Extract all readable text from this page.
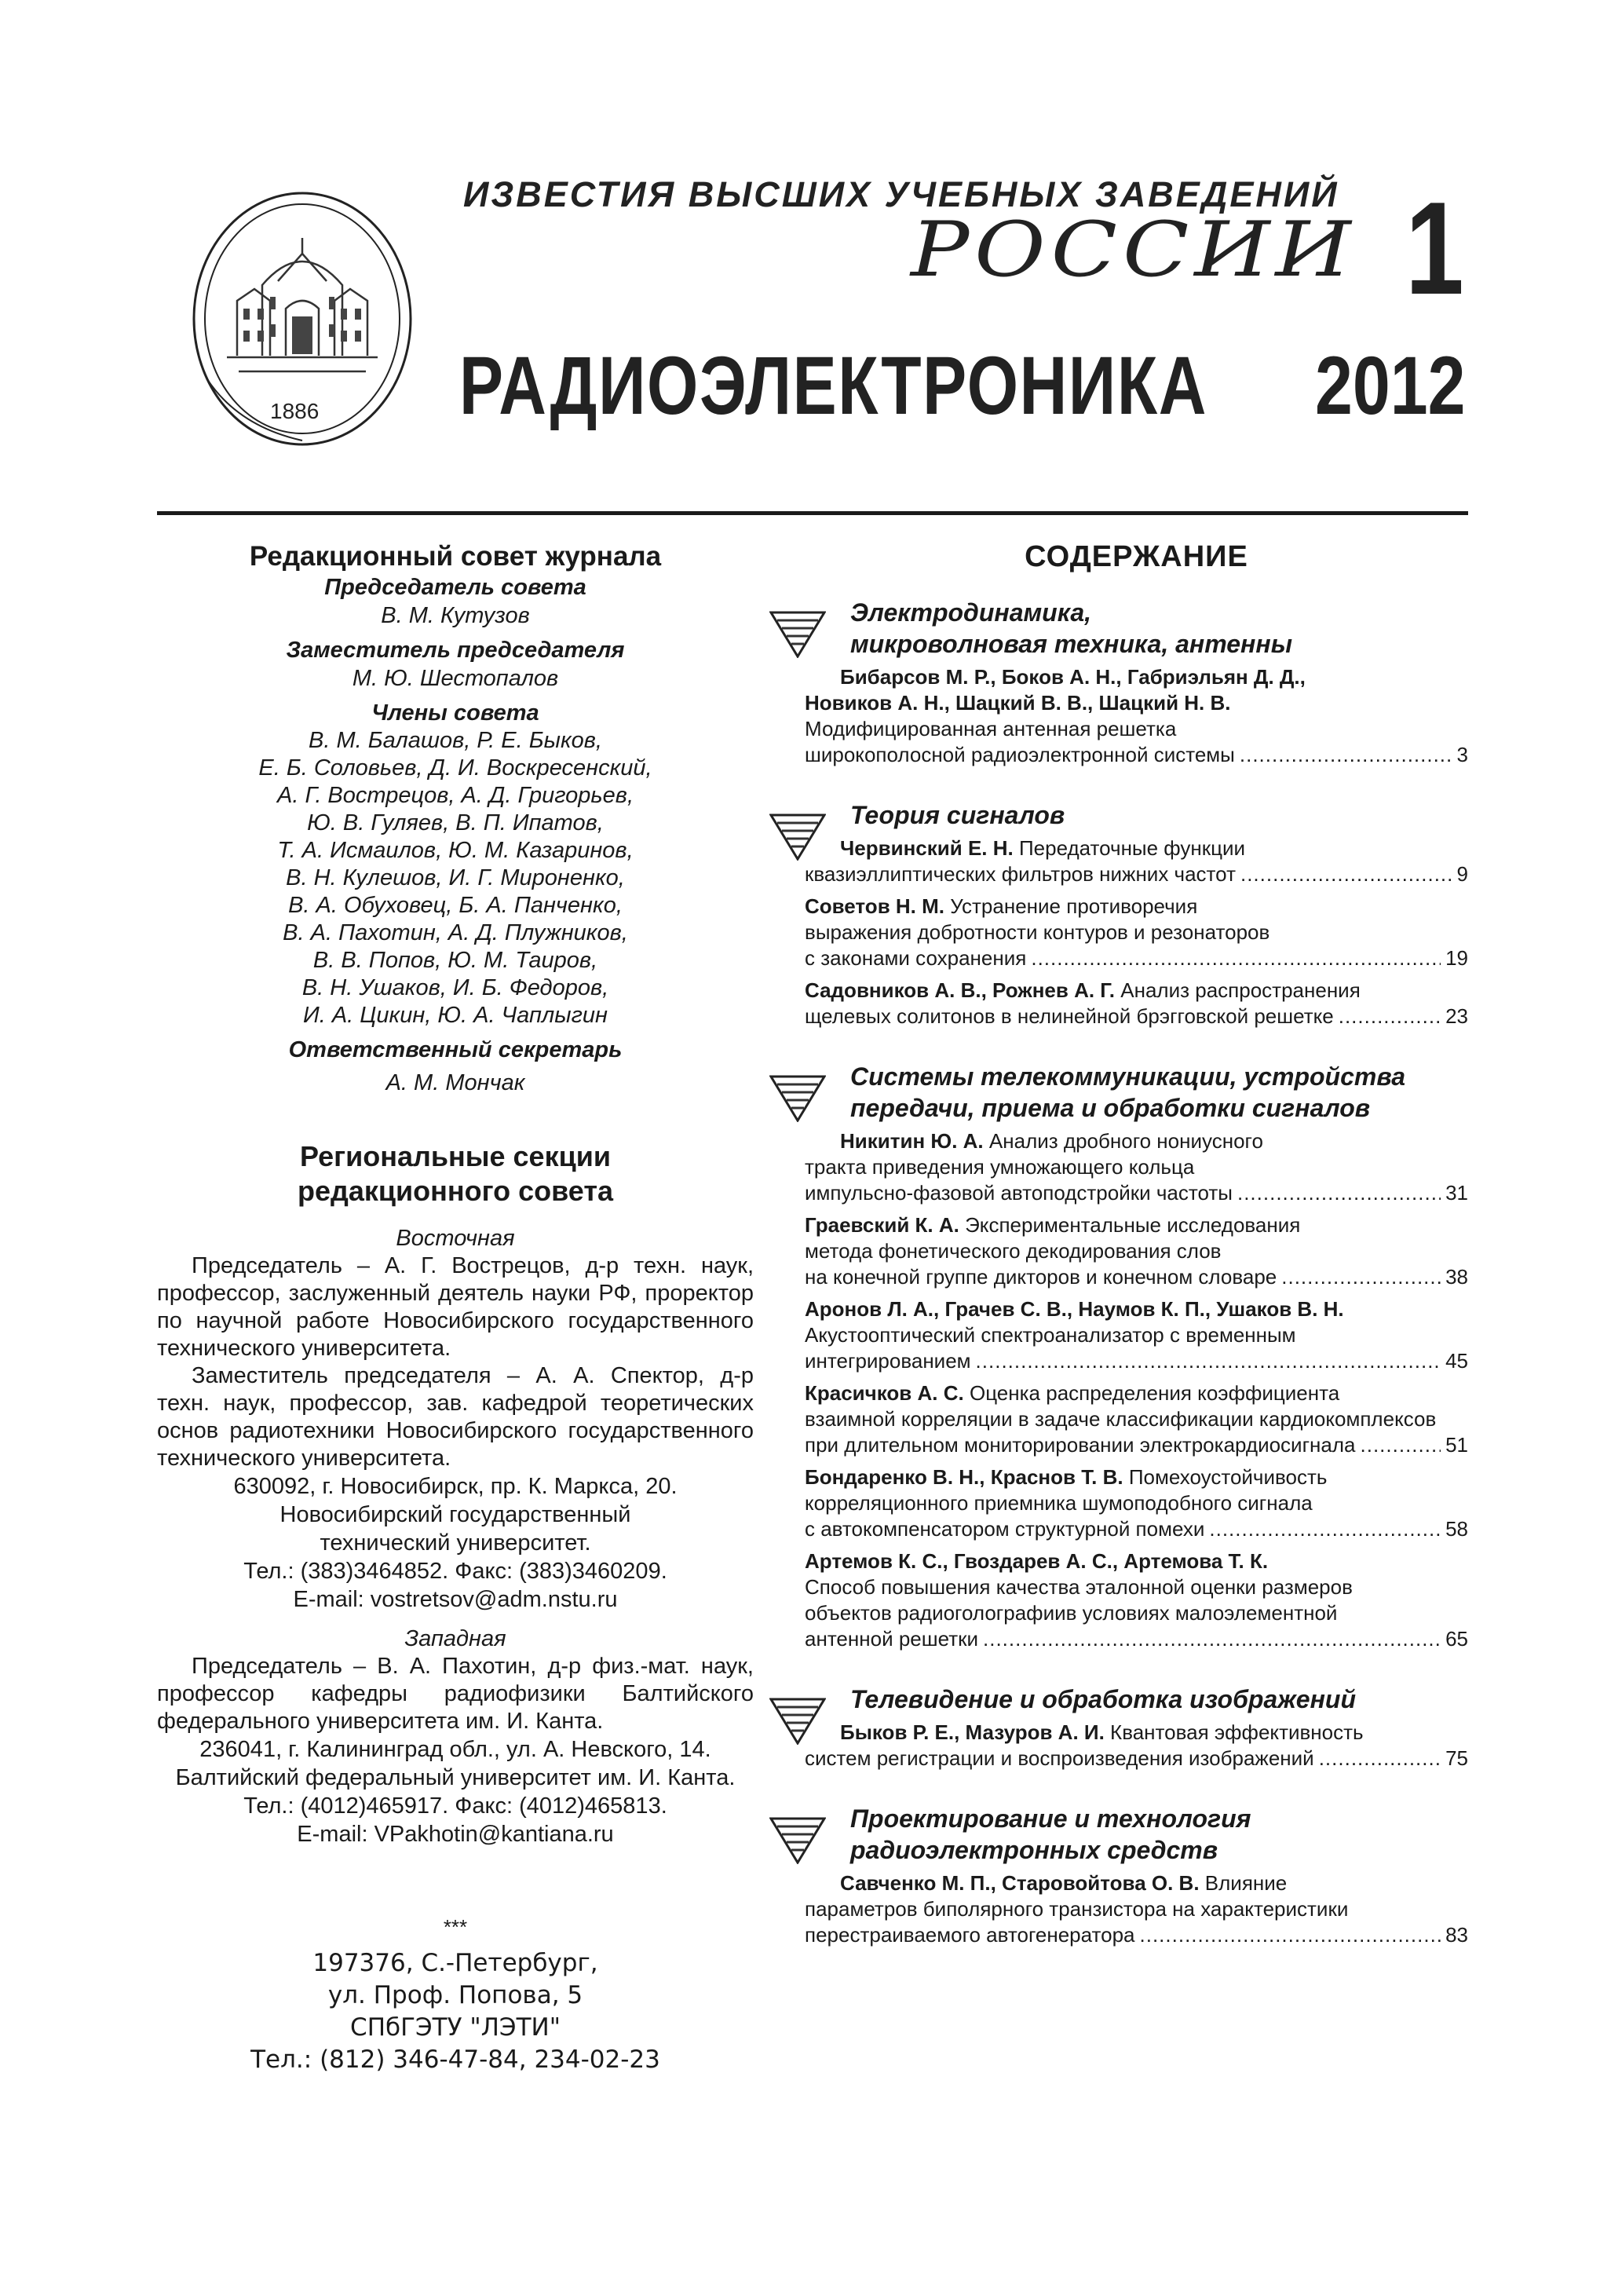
1886
ИЗВЕСТИЯ ВЫСШИХ УЧЕБНЫХ ЗАВЕДЕНИЙ
РОССИИ
РАДИОЭЛЕКТРОНИКА
1
2012
Редакционный совет журнала
Председатель совета
В. М. Кутузов
Заместитель председателя
М. Ю. Шестопалов
Члены совета
В. М. Балашов, Р. Е. Быков,
Е. Б. Соловьев, Д. И. Воскресенский,
А. Г. Вострецов, А. Д. Григорьев,
Ю. В. Гуляев, В. П. Ипатов,
Т. А. Исмаилов, Ю. М. Казаринов,
В. Н. Кулешов, И. Г. Мироненко,
В. А. Обуховец, Б. А. Панченко,
В. А. Пахотин, А. Д. Плужников,
В. В. Попов, Ю. М. Таиров,
В. Н. Ушаков, И. Б. Федоров,
И. А. Цикин, Ю. А. Чаплыгин
Ответственный секретарь
А. М. Мончак
Региональные секции
редакционного совета
Восточная
Председатель – А. Г. Вострецов, д-р техн. наук, профессор, заслуженный деятель науки РФ, проректор по научной работе Новосибирского государственного технического университета.
Заместитель председателя – А. А. Спектор, д-р техн. наук, профессор, зав. кафедрой теоретических основ радиотехники Новосибирского государственного технического университета.
630092, г. Новосибирск, пр. К. Маркса, 20.
Новосибирский государственный
технический университет.
Тел.: (383)3464852. Факс: (383)3460209.
E-mail: vostretsov@adm.nstu.ru
Западная
Председатель – В. А. Пахотин, д-р физ.-мат. наук, профессор кафедры радиофизики Балтийского федерального университета им. И. Канта.
236041, г. Калининград обл., ул. А. Невского, 14.
Балтийский федеральный университет им. И. Канта.
Тел.: (4012)465917. Факс: (4012)465813.
E-mail: VPakhotin@kantiana.ru
***
197376, С.-Петербург,
ул. Проф. Попова, 5
СПбГЭТУ "ЛЭТИ"
Тел.: (812) 346-47-84, 234-02-23
СОДЕРЖАНИЕ
Электродинамика,
микроволновая техника, антенны
Бибарсов М. Р., Боков А. Н., Габриэльян Д. Д.,
Новиков А. Н., Шацкий В. В., Шацкий Н. В.
Модифицированная антенная решетка
широкополосной радиоэлектронной системы .....	3
Теория сигналов
Червинский Е. Н. Передаточные функции
квазиэллиптических фильтров нижних частот .....	9
Советов Н. М. Устранение противоречия
выражения добротности контуров и резонаторов
с законами сохранения .....	19
Садовников А. В., Рожнев А. Г. Анализ распространения
щелевых солитонов в нелинейной брэгговской решетке .....	23
Системы телекоммуникации, устройства
передачи, приема и обработки сигналов
Никитин Ю. А. Анализ дробного нониусного
тракта приведения умножающего кольца
импульсно-фазовой автоподстройки частоты .....	31
Граевский К. А. Экспериментальные исследования
метода фонетического декодирования слов
на конечной группе дикторов и конечном словаре .....	38
Аронов Л. А., Грачев С. В., Наумов К. П., Ушаков В. Н.
Акустооптический спектроанализатор с временным
интегрированием .....	45
Красичков А. С. Оценка распределения коэффициента
взаимной корреляции в задаче классификации кардиокомплексов
при длительном мониторировании электрокардиосигнала .....	51
Бондаренко В. Н., Краснов Т. В. Помехоустойчивость
корреляционного приемника шумоподобного сигнала
с автокомпенсатором структурной помехи .....	58
Артемов К. С., Гвоздарев А. С., Артемова Т. К.
Способ повышения качества эталонной оценки размеров
объектов радиоголографиив условиях малоэлементной
антенной решетки .....	65
Телевидение и обработка изображений
Быков Р. Е., Мазуров А. И. Квантовая эффективность
систем регистрации и воспроизведения изображений .....	75
Проектирование и технология
радиоэлектронных средств
Савченко М. П., Старовойтова О. В. Влияние
параметров биполярного транзистора на характеристики
перестраиваемого автогенератора .....	83
